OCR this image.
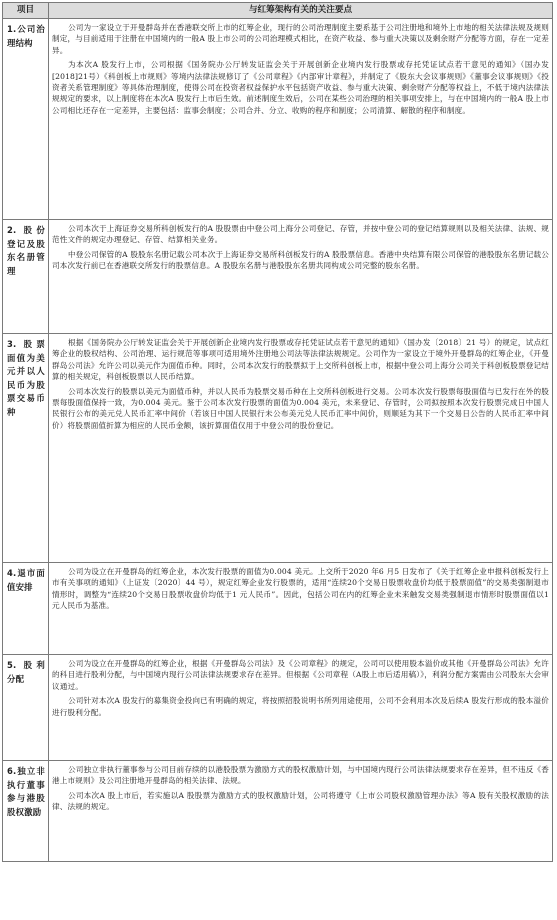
项目	与红筹架构有关的关注要点
1.公司治理结构	公司为一家设立于开曼群岛并在香港联交所上市的红筹企业，现行的公司治理制度主要系基于公司注册地和境外上市地的相关法律法规及规则制定，与目前适用于注册在中国境内的一般A 股上市公司的公司治理模式相比，在资产收益、参与重大决策以及剩余财产分配等方面，存在一定差异。

为本次A 股发行上市，公司根据《国务院办公厅转发证监会关于开展创新企业境内发行股票或存托凭证试点若干意见的通知》（国办发[2018]21号）《科创板上市规则》等境内法律法规修订了《公司章程》《内部审计章程》，并制定了《股东大会议事规则》《董事会议事规则》《投资者关系管理制度》等具体治理制度，使得公司在投资者权益保护水平包括资产收益、参与重大决策、剩余财产分配等权益上，不低于境内法律法规规定的要求，以上制度将在本次A 股发行上市后生效。前述制度生效后，公司在某些公司治理的相关事项安排上，与在中国境内的一般A 股上市公司相比还存在一定差异，主要包括：监事会制度；公司合并、分立、收购的程序和制度；公司清算、解散的程序和制度。

2. 股份登记及股东名册管理	公司本次于上海证券交易所科创板发行的A 股股票由中登公司上海分公司登记、存管，并按中登公司的登记结算规则以及相关法律、法规、规范性文件的规定办理登记、存管、结算相关业务。

中登公司保管的A 股股东名册记载公司本次于上海证券交易所科创板发行的A 股股票信息。香港中央结算有限公司保管的港股股东名册记载公司本次发行前已在香港联交所发行的股票信息。A 股股东名册与港股股东名册共同构成公司完整的股东名册。

3. 股票面值为美元并以人民币为股票交易币种	根据《国务院办公厅转发证监会关于开展创新企业境内发行股票或存托凭证试点若干意见的通知》（国办发〔2018〕21 号）的规定，试点红筹企业的股权结构、公司治理、运行规范等事项可适用境外注册地公司法等法律法规规定。公司作为一家设立于境外开曼群岛的红筹企业，《开曼群岛公司法》允许公司以美元作为面值币种。同时，公司本次发行的股票拟于上交所科创板上市，根据中登公司上海分公司关于科创板股票登记结算的相关规定，科创板股票以人民币结算。

公司本次发行的股票以美元为面值币种，并以人民币为股票交易币种在上交所科创板进行交易。公司本次发行股票每股面值与已发行在外的股票每股面值保持一致，为0.004 美元。鉴于公司本次发行股票的面值为0.004 美元，未来登记、存管时，公司拟按照本次发行股票完成日中国人民银行公布的美元兑人民币汇率中间价（若该日中国人民银行未公布美元兑人民币汇率中间价，则顺延为其下一个交易日公告的人民币汇率中间价）将股票面值折算为相应的人民币金额，该折算面值仅用于中登公司的股份登记。

4.退市面值安排	公司为设立在开曼群岛的红筹企业，本次发行股票的面值为0.004 美元。上交所于2020 年6 月5 日发布了《关于红筹企业申报科创板发行上市有关事项的通知》（上证发〔2020〕44 号），规定红筹企业发行股票的，适用“连续20个交易日股票收盘价均低于股票面值”的交易类强制退市情形时，调整为“连续20个交易日股票收盘价均低于1 元人民币”。因此，包括公司在内的红筹企业未来触发交易类强制退市情形时股票面值以1 元人民币为基准。

5. 股利分配	公司为设立在开曼群岛的红筹企业，根据《开曼群岛公司法》及《公司章程》的规定，公司可以使用股本溢价或其他《开曼群岛公司法》允许的科目进行股利分配，与中国境内现行公司法律法规要求存在差异。但根据《公司章程（A股上市后适用稿）》，利润分配方案需由公司股东大会审议通过。

公司针对本次A 股发行的募集资金投向已有明确的规定，将按照招股说明书所列用途使用，公司不会利用本次及后续A 股发行形成的股本溢价进行股利分配。

6.独立非执行董事参与港股股权激励	公司独立非执行董事参与公司目前存续的以港股股票为激励方式的股权激励计划，与中国境内现行公司法律法规要求存在差异，但不违反《香港上市规则》及公司注册地开曼群岛的相关法律、法规。

公司本次A 股上市后，若实施以A 股股票为激励方式的股权激励计划，公司将遵守《上市公司股权激励管理办法》等A 股有关股权激励的法律、法规的规定。
